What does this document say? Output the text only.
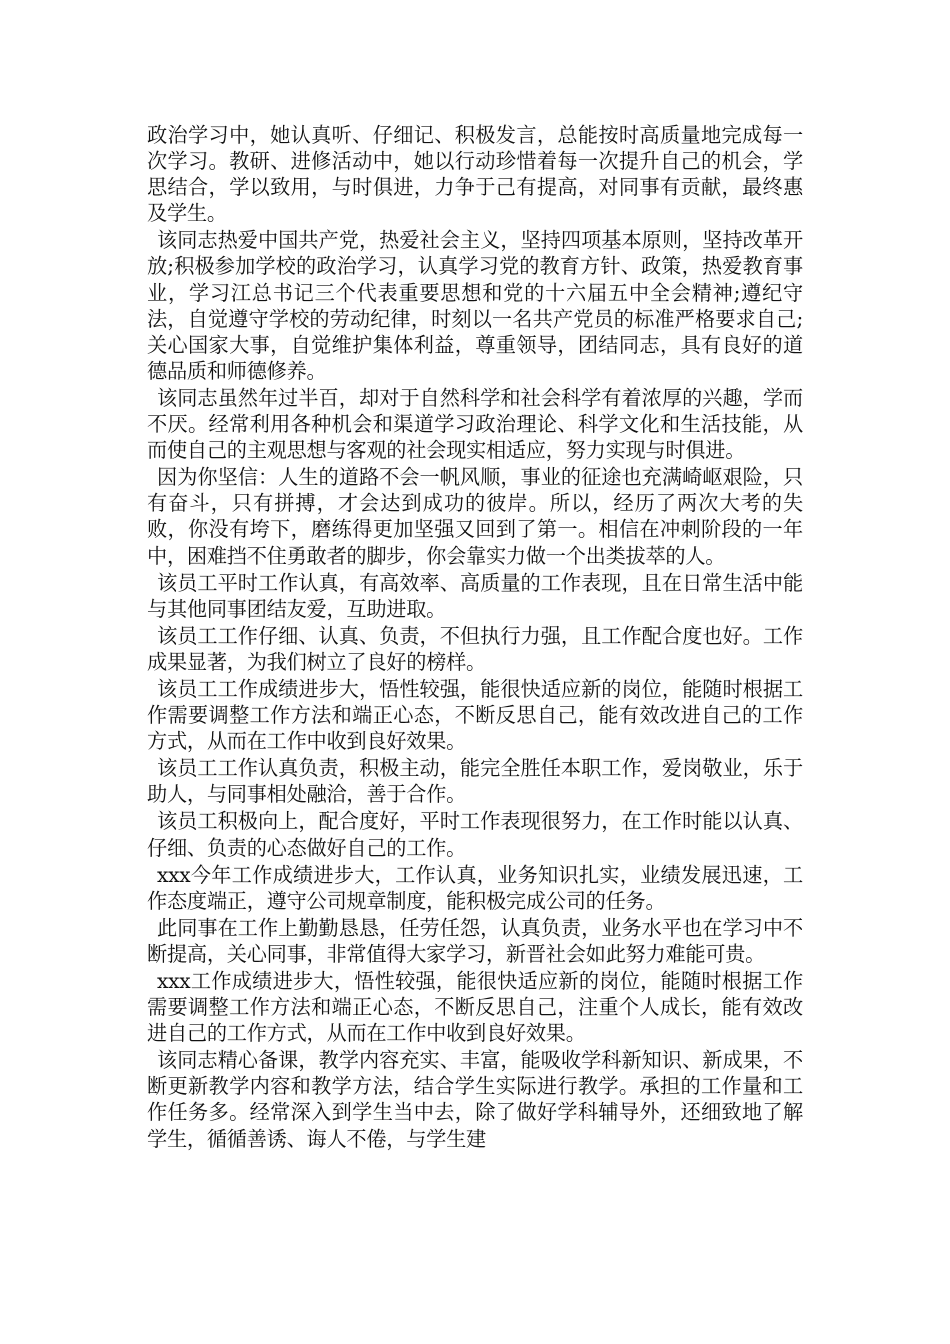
政治学习中，她认真听、仔细记、积极发言，总能按时高质量地完成每一次学习。教研、进修活动中，她以行动珍惜着每一次提升自己的机会，学思结合，学以致用，与时俱进，力争于己有提高，对同事有贡献，最终惠及学生。

该同志热爱中国共产党，热爱社会主义，坚持四项基本原则，坚持改革开放;积极参加学校的政治学习，认真学习党的教育方针、政策，热爱教育事业，学习江总书记三个代表重要思想和党的十六届五中全会精神;遵纪守法，自觉遵守学校的劳动纪律，时刻以一名共产党员的标准严格要求自己;关心国家大事，自觉维护集体利益，尊重领导，团结同志，具有良好的道德品质和师德修养。

该同志虽然年过半百，却对于自然科学和社会科学有着浓厚的兴趣，学而不厌。经常利用各种机会和渠道学习政治理论、科学文化和生活技能，从而使自己的主观思想与客观的社会现实相适应，努力实现与时俱进。

因为你坚信：人生的道路不会一帆风顺，事业的征途也充满崎岖艰险，只有奋斗，只有拼搏，才会达到成功的彼岸。所以，经历了两次大考的失败，你没有垮下，磨练得更加坚强又回到了第一。相信在冲刺阶段的一年中，困难挡不住勇敢者的脚步，你会靠实力做一个出类拔萃的人。

该员工平时工作认真，有高效率、高质量的工作表现，且在日常生活中能与其他同事团结友爱，互助进取。

该员工工作仔细、认真、负责，不但执行力强，且工作配合度也好。工作成果显著，为我们树立了良好的榜样。

该员工工作成绩进步大，悟性较强，能很快适应新的岗位，能随时根据工作需要调整工作方法和端正心态，不断反思自己，能有效改进自己的工作方式，从而在工作中收到良好效果。

该员工工作认真负责，积极主动，能完全胜任本职工作，爱岗敬业，乐于助人，与同事相处融洽，善于合作。

该员工积极向上，配合度好，平时工作表现很努力，在工作时能以认真、仔细、负责的心态做好自己的工作。

xxx今年工作成绩进步大，工作认真，业务知识扎实，业绩发展迅速，工作态度端正，遵守公司规章制度，能积极完成公司的任务。

此同事在工作上勤勤恳恳，任劳任怨，认真负责，业务水平也在学习中不断提高，关心同事，非常值得大家学习，新晋社会如此努力难能可贵。

xxx工作成绩进步大，悟性较强，能很快适应新的岗位，能随时根据工作需要调整工作方法和端正心态，不断反思自己，注重个人成长，能有效改进自己的工作方式，从而在工作中收到良好效果。

该同志精心备课，教学内容充实、丰富，能吸收学科新知识、新成果，不断更新教学内容和教学方法，结合学生实际进行教学。承担的工作量和工作任务多。经常深入到学生当中去，除了做好学科辅导外，还细致地了解学生，循循善诱、诲人不倦，与学生建
